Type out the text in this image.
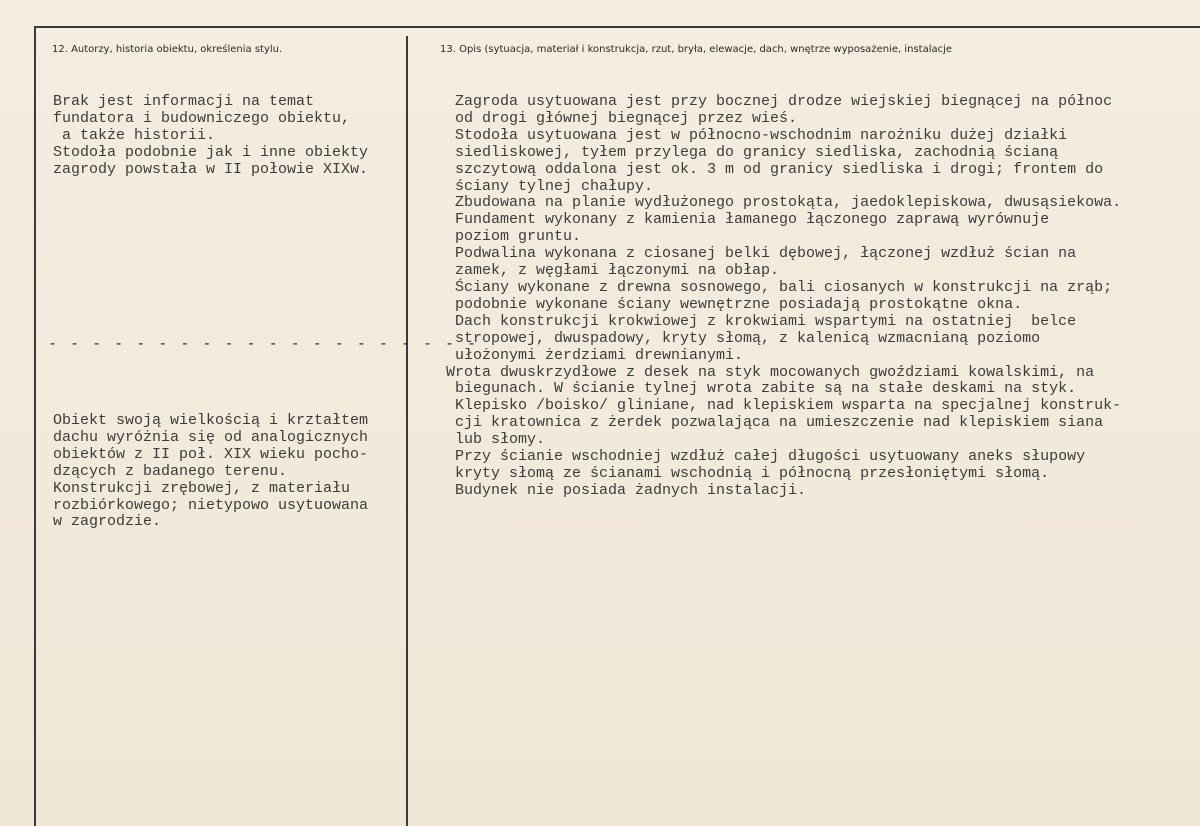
12. Autorzy, historia obiektu, określenia stylu.	13. Opis (sytuacja, materiał i konstrukcja, rzut, bryła, elewacje, dach, wnętrze wyposażenie, instalacje
- - - - - - - - - - - - - - - - - - - -
Brak jest informacji na temat
fundatora i budowniczego obiektu,
a także historii.
Stodoła podobnie jak i inne obiekty
zagrody powstała w II połowie XIXw.
Obiekt swoją wielkością i krztałtem
dachu wyróżnia się od analogicznych
obiektów z II poł. XIX wieku pocho-
dzących z badanego terenu.
Konstrukcji zrębowej, z materiału
rozbiórkowego; nietypowo usytuowana
w zagrodzie.
Zagroda usytuowana jest przy bocznej drodze wiejskiej biegnącej na północ
od drogi głównej biegnącej przez wieś.
Stodoła usytuowana jest w północno-wschodnim narożniku dużej działki
siedliskowej, tyłem przylega do granicy siedliska, zachodnią ścianą
szczytową oddalona jest ok. 3 m od granicy siedliska i drogi; frontem do
ściany tylnej chałupy.
Zbudowana na planie wydłużonego prostokąta, jaedoklepiskowa, dwusąsiekowa.
Fundament wykonany z kamienia łamanego łączonego zaprawą wyrównuje
poziom gruntu.
Podwalina wykonana z ciosanej belki dębowej, łączonej wzdłuż ścian na
zamek, z węgłami łączonymi na obłap.
Ściany wykonane z drewna sosnowego, bali ciosanych w konstrukcji na zrąb;
podobnie wykonane ściany wewnętrzne posiadają prostokątne okna.
Dach konstrukcji krokwiowej z krokwiami wspartymi na ostatniej  belce
stropowej, dwuspadowy, kryty słomą, z kalenicą wzmacnianą poziomo
ułożonymi żerdziami drewnianymi.
Wrota dwuskrzydłowe z desek na styk mocowanych gwoździami kowalskimi, na
biegunach. W ścianie tylnej wrota zabite są na stałe deskami na styk.
Klepisko /boisko/ gliniane, nad klepiskiem wsparta na specjalnej konstruk-
cji kratownica z żerdek pozwalająca na umieszczenie nad klepiskiem siana
lub słomy.
Przy ścianie wschodniej wzdłuż całej długości usytuowany aneks słupowy
kryty słomą ze ścianami wschodnią i północną przesłoniętymi słomą.
Budynek nie posiada żadnych instalacji.
